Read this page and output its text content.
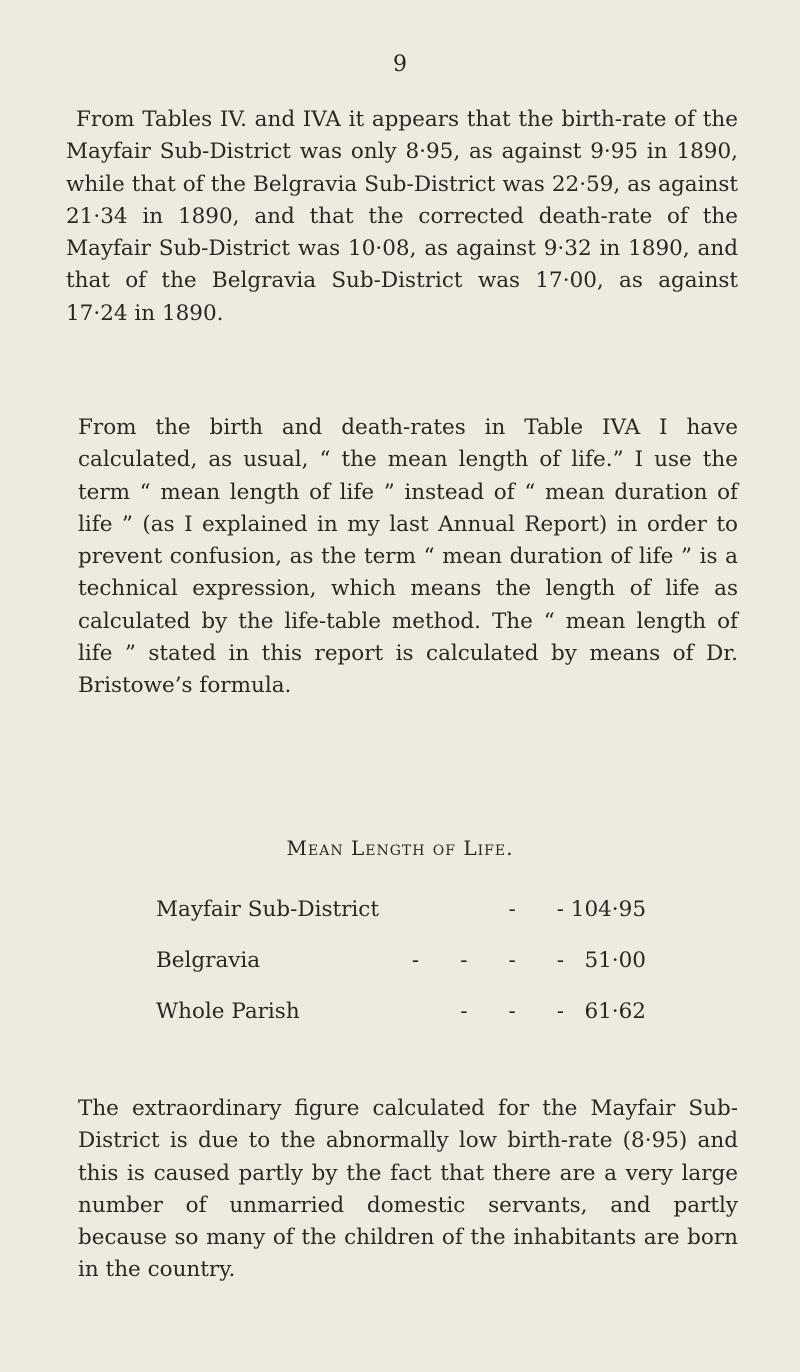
9

From Tables IV. and IVA it appears that the birth-rate of the Mayfair Sub-District was only 8·95, as against 9·95 in 1890, while that of the Belgravia Sub-District was 22·59, as against 21·34 in 1890, and that the corrected death-rate of the Mayfair Sub-District was 10·08, as against 9·32 in 1890, and that of the Belgravia Sub-District was 17·00, as against 17·24 in 1890.

From the birth and death-rates in Table IVA I have calculated, as usual, “ the mean length of life.” I use the term “ mean length of life ” instead of “ mean duration of life ” (as I explained in my last Annual Report) in order to prevent confusion, as the term “ mean duration of life ” is a technical expression, which means the length of life as calculated by the life-table method. The “ mean length of life ” stated in this report is calculated by means of Dr. Bristowe’s formula.

Mean Length of Life.
Mayfair Sub-District	-      - 104·95
Belgravia	-      -      -      - 51·00
Whole Parish	-      -      - 61·62

The extraordinary figure calculated for the Mayfair Sub-District is due to the abnormally low birth-rate (8·95) and this is caused partly by the fact that there are a very large number of unmarried domestic servants, and partly because so many of the children of the inhabitants are born in the country.
